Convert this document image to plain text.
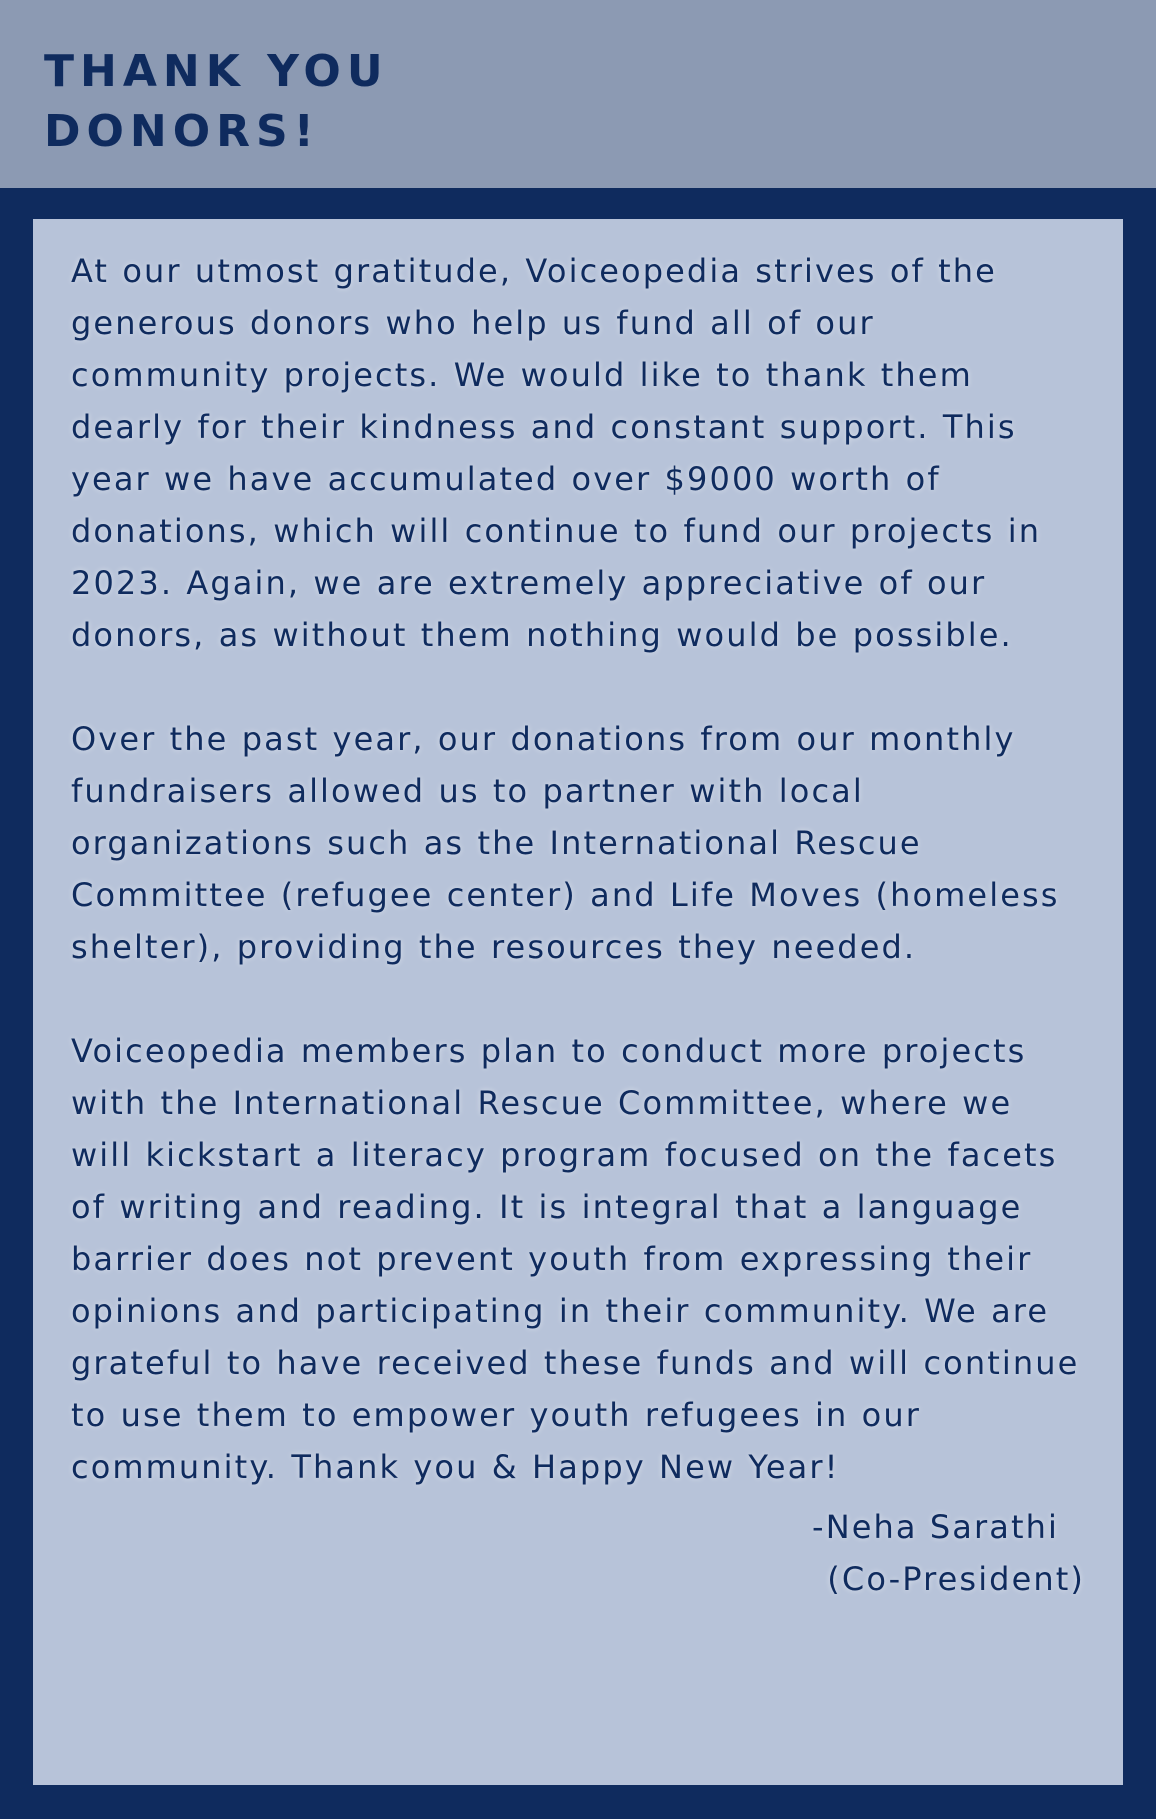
THANK YOU
DONORS!

At our utmost gratitude, Voiceopedia strives of the generous donors who help us fund all of our community projects. We would like to thank them dearly for their kindness and constant support. This year we have accumulated over $9000 worth of donations, which will continue to fund our projects in 2023. Again, we are extremely appreciative of our donors, as without them nothing would be possible.

Over the past year, our donations from our monthly fundraisers allowed us to partner with local organizations such as the International Rescue Committee (refugee center) and Life Moves (homeless shelter), providing the resources they needed.

Voiceopedia members plan to conduct more projects with the International Rescue Committee, where we will kickstart a literacy program focused on the facets of writing and reading. It is integral that a language barrier does not prevent youth from expressing their opinions and participating in their community. We are grateful to have received these funds and will continue to use them to empower youth refugees in our community. Thank you & Happy New Year!

-Neha Sarathi
(Co-President)
